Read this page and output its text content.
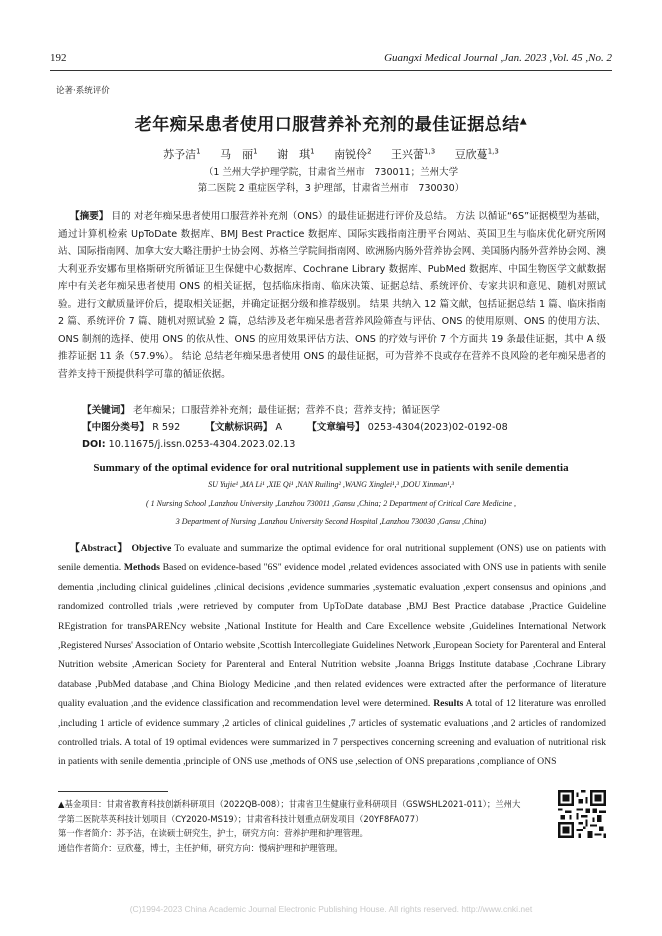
192	Guangxi Medical Journal ,Jan. 2023 ,Vol. 45 ,No. 2
论著·系统评价
老年痴呆患者使用口服营养补充剂的最佳证据总结▲
苏予洁$^1$ 马　丽$^1$ 谢　琪$^1$ 南锐伶$^2$ 王兴蕾$^{1,3}$ 豆欣蔓$^{1,3}$
（1 兰州大学护理学院，甘肃省兰州市　730011；兰州大学
第二医院 2 重症医学科，3 护理部，甘肃省兰州市　730030）

【摘要】 目的 对老年痴呆患者使用口服营养补充剂（ONS）的最佳证据进行评价及总结。 方法 以循证“6S”证据模型为基础，通过计算机检索 UpToDate 数据库、BMJ Best Practice 数据库、国际实践指南注册平台网站、英国卫生与临床优化研究所网站、国际指南网、加拿大安大略注册护士协会网、苏格兰学院间指南网、欧洲肠内肠外营养协会网、美国肠内肠外营养协会网、澳大利亚乔安娜布里格斯研究所循证卫生保健中心数据库、Cochrane Library 数据库、PubMed 数据库、中国生物医学文献数据库中有关老年痴呆患者使用 ONS 的相关证据，包括临床指南、临床决策、证据总结、系统评价、专家共识和意见、随机对照试验。进行文献质量评价后，提取相关证据，并确定证据分级和推荐级别。 结果 共纳入 12 篇文献，包括证据总结 1 篇、临床指南 2 篇、系统评价 7 篇、随机对照试验 2 篇，总结涉及老年痴呆患者营养风险筛查与评估、ONS 的使用原则、ONS 的使用方法、ONS 制剂的选择、使用 ONS 的依从性、ONS 的应用效果评估方法、ONS 的疗效与评价 7 个方面共 19 条最佳证据，其中 A 级推荐证据 11 条（57.9%）。 结论 总结老年痴呆患者使用 ONS 的最佳证据，可为营养不良或存在营养不良风险的老年痴呆患者的营养支持干预提供科学可靠的循证依据。

【关键词】 老年痴呆；口服营养补充剂；最佳证据；营养不良；营养支持；循证医学
【中图分类号】 R 592	【文献标识码】 A	【文章编号】 0253-4304(2023)02-0192-08
DOI: 10.11675/j.issn.0253-4304.2023.02.13
Summary of the optimal evidence for oral nutritional supplement use in patients with senile dementia
SU Yujie¹ ,MA Li¹ ,XIE Qi¹ ,NAN Ruiling² ,WANG Xinglei¹,³ ,DOU Xinman¹,³
( 1 Nursing School ,Lanzhou University ,Lanzhou 730011 ,Gansu ,China; 2 Department of Critical Care Medicine ,
3 Department of Nursing ,Lanzhou University Second Hospital ,Lanzhou 730030 ,Gansu ,China)

【Abstract】 Objective To evaluate and summarize the optimal evidence for oral nutritional supplement (ONS) use on patients with senile dementia. Methods Based on evidence-based "6S" evidence model ,related evidences associated with ONS use in patients with senile dementia ,including clinical guidelines ,clinical decisions ,evidence summaries ,systematic evaluation ,expert consensus and opinions ,and randomized controlled trials ,were retrieved by computer from UpToDate database ,BMJ Best Practice database ,Practice Guideline REgistration for transPARENcy website ,National Institute for Health and Care Excellence website ,Guidelines International Network ,Registered Nurses' Association of Ontario website ,Scottish Intercollegiate Guidelines Network ,European Society for Parenteral and Enteral Nutrition website ,American Society for Parenteral and Enteral Nutrition website ,Joanna Briggs Institute database ,Cochrane Library database ,PubMed database ,and China Biology Medicine ,and then related evidences were extracted after the performance of literature quality evaluation ,and the evidence classification and recommendation level were determined. Results A total of 12 literature was enrolled ,including 1 article of evidence summary ,2 articles of clinical guidelines ,7 articles of systematic evaluations ,and 2 articles of randomized controlled trials. A total of 19 optimal evidences were summarized in 7 perspectives concerning screening and evaluation of nutritional risk in patients with senile dementia ,principle of ONS use ,methods of ONS use ,selection of ONS preparations ,compliance of ONS

▲基金项目：甘肃省教育科技创新科研项目（2022QB-008）；甘肃省卫生健康行业科研项目（GSWSHL2021-011）；兰州大学第二医院萃英科技计划项目（CY2020-MS19）；甘肃省科技计划重点研发项目（20YF8FA077）

第一作者简介：苏予洁，在读硕士研究生，护士，研究方向：营养护理和护理管理。

通信作者简介：豆欣蔓，博士，主任护师，研究方向：慢病护理和护理管理。

(C)1994-2023 China Academic Journal Electronic Publishing House. All rights reserved. http://www.cnki.net
